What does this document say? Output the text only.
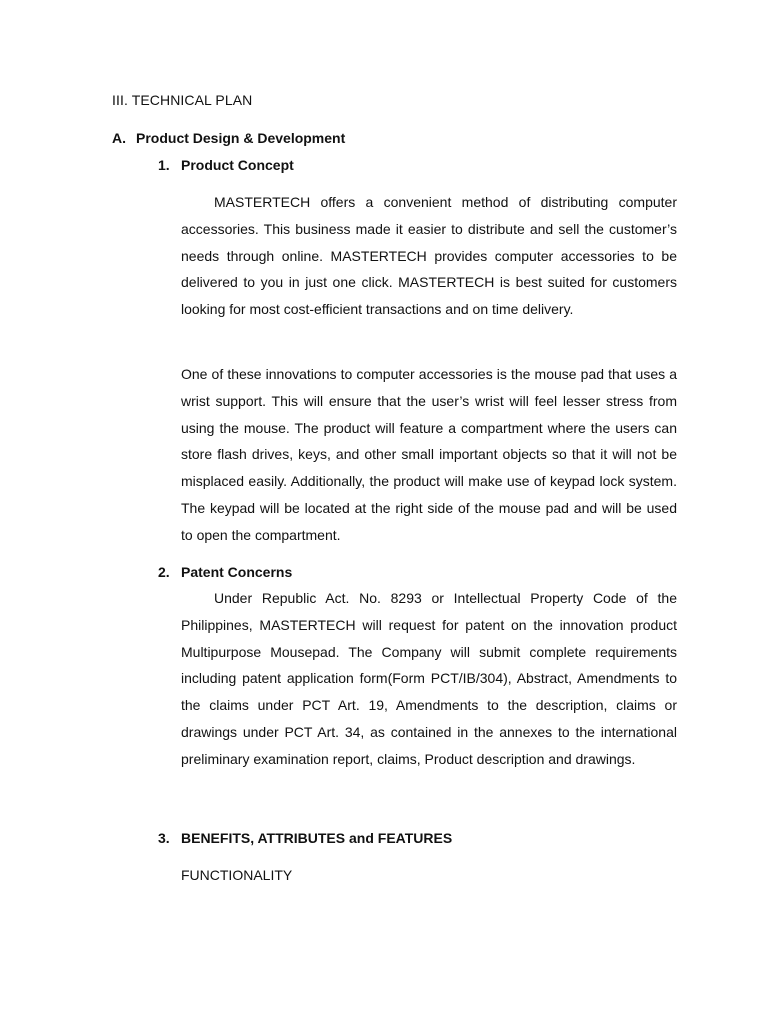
III. TECHNICAL PLAN
A. Product Design & Development
1. Product Concept

MASTERTECH offers a convenient method of distributing computer accessories. This business made it easier to distribute and sell the customer’s needs through online. MASTERTECH provides computer accessories to be delivered to you in just one click. MASTERTECH is best suited for customers looking for most cost-efficient transactions and on time delivery.

One of these innovations to computer accessories is the mouse pad that uses a wrist support. This will ensure that the user’s wrist will feel lesser stress from using the mouse. The product will feature a compartment where the users can store flash drives, keys, and other small important objects so that it will not be misplaced easily. Additionally, the product will make use of keypad lock system. The keypad will be located at the right side of the mouse pad and will be used to open the compartment.

2. Patent Concerns

Under Republic Act. No. 8293 or Intellectual Property Code of the Philippines, MASTERTECH will request for patent on the innovation product Multipurpose Mousepad. The Company will submit complete requirements including patent application form(Form PCT/IB/304), Abstract, Amendments to the claims under PCT Art. 19, Amendments to the description, claims or drawings under PCT Art. 34, as contained in the annexes to the international preliminary examination report, claims, Product description and drawings.

3. BENEFITS, ATTRIBUTES and FEATURES

FUNCTIONALITY
